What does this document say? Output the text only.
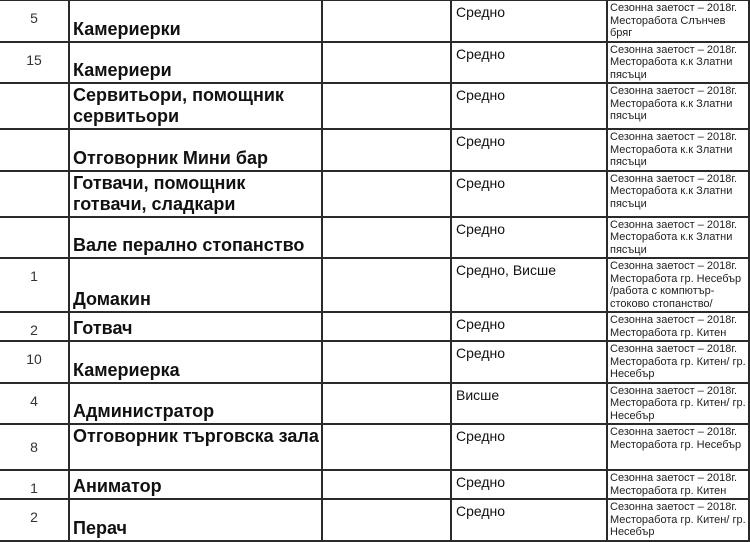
5	Камериерки		Средно	Сезонна заетост – 2018г.
Месторабота Слънчев бряг

15	Камериери		Средно	Сезонна заетост – 2018г.
Месторабота к.к Златни пясъци

	Сервитьори, помощник сервитьори		Средно	Сезонна заетост – 2018г.
Месторабота к.к Златни пясъци

	Отговорник Мини бар		Средно	Сезонна заетост – 2018г.
Месторабота к.к Златни пясъци

	Готвачи, помощник готвачи, сладкари		Средно	Сезонна заетост – 2018г.
Месторабота к.к Златни пясъци

	Вале перално стопанство		Средно	Сезонна заетост – 2018г.
Месторабота к.к Златни пясъци

1	Домакин		Средно, Висше	Сезонна заетост – 2018г.
Месторабота гр. Несебър
/работа с компютър-стоково стопанство/

2	Готвач		Средно	Сезонна заетост – 2018г.
Месторабота гр. Китен

10	Камериерка		Средно	Сезонна заетост – 2018г.
Месторабота гр. Китен/ гр. Несебър

4	Администратор		Висше	Сезонна заетост – 2018г.
Месторабота гр. Китен/ гр. Несебър

8	Отговорник търговска зала		Средно	Сезонна заетост – 2018г.
Месторабота гр. Несебър

1	Аниматор		Средно	Сезонна заетост – 2018г.
Месторабота гр. Китен

2	Перач		Средно	Сезонна заетост – 2018г.
Месторабота гр. Китен/ гр. Несебър
